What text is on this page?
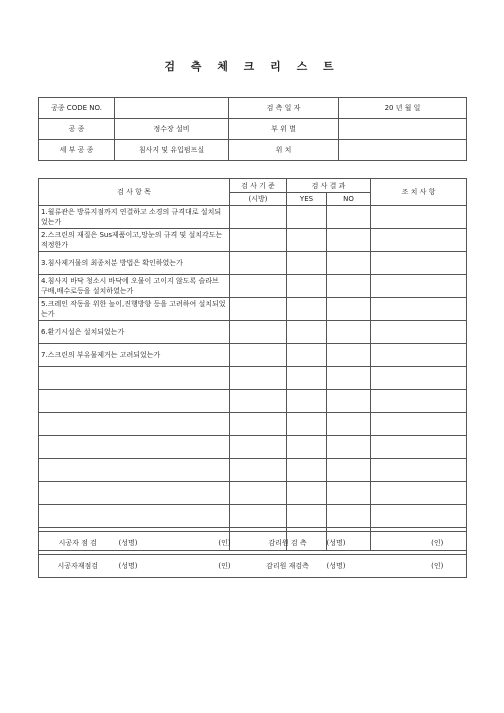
검 측 체 크 리 스 트
공종 CODE NO.		검 측 일 자	20 년 월 일
공 종	정수장 설비	부 위 별	
세 부 공 종	침사지 및 유입펌프실	위 치	
검 사 항 목	검 사 기 준	검 사 결 과		조 치 사 항
	(시방)	YES	NO	
1.월류관은 방류지점까지 연결하고 소경의 규격대로 설치되었는가				
2.스크린의 재질은 Sus제품이고,망눈의 규격 및 설치각도는 적정한가				
3.침사제거물의 최종처분 방법은 확인하였는가				
4.침사지 바닥 청소시 바닥에 오물이 고이지 않도록 슬라브 구배,배수로등을 설치하였는가				
5.크레인 작동을 위한 높이,진행방향 등을 고려하여 설치되었는가				
6.환기시설은 설치되었는가				
7.스크린의 부유물제거는 고려되었는가				

시공자 점 검	(성명)	(인)	감리원 검 측	(성명)	(인)
시공자재점검	(성명)	(인)	감리원 재검측	(성명)	(인)
